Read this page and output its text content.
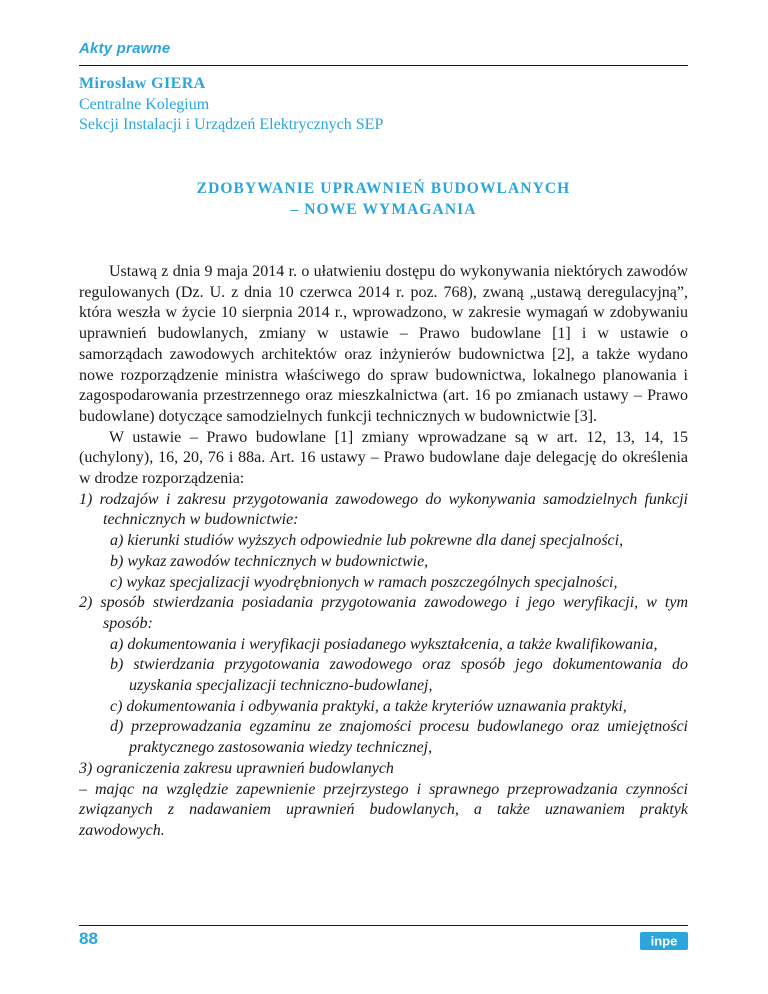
Akty prawne
Mirosław GIERA
Centralne Kolegium
Sekcji Instalacji i Urządzeń Elektrycznych SEP
ZDOBYWANIE UPRAWNIEŃ BUDOWLANYCH
– NOWE WYMAGANIA

Ustawą z dnia 9 maja 2014 r. o ułatwieniu dostępu do wykonywania niektórych zawodów regulowanych (Dz. U. z dnia 10 czerwca 2014 r. poz. 768), zwaną „ustawą deregulacyjną”, która weszła w życie 10 sierpnia 2014 r., wprowadzono, w zakresie wymagań w zdobywaniu uprawnień budowlanych, zmiany w ustawie – Prawo budowlane [1] i w ustawie o samorządach zawodowych architektów oraz inżynierów budownictwa [2], a także wydano nowe rozporządzenie ministra właściwego do spraw budownictwa, lokalnego planowania i zagospodarowania przestrzennego oraz mieszkalnictwa (art. 16 po zmianach ustawy – Prawo budowlane) dotyczące samodzielnych funkcji technicznych w budownictwie [3].

W ustawie – Prawo budowlane [1] zmiany wprowadzane są w art. 12, 13, 14, 15 (uchylony), 16, 20, 76 i 88a. Art. 16 ustawy – Prawo budowlane daje delegację do określenia w drodze rozporządzenia:

1) rodzajów i zakresu przygotowania zawodowego do wykonywania samodzielnych funkcji technicznych w budownictwie:
a) kierunki studiów wyższych odpowiednie lub pokrewne dla danej specjalności,
b) wykaz zawodów technicznych w budownictwie,
c) wykaz specjalizacji wyodrębnionych w ramach poszczególnych specjalności,
2) sposób stwierdzania posiadania przygotowania zawodowego i jego weryfikacji, w tym sposób:
a) dokumentowania i weryfikacji posiadanego wykształcenia, a także kwalifikowania,
b) stwierdzania przygotowania zawodowego oraz sposób jego dokumentowania do uzyskania specjalizacji techniczno-budowlanej,
c) dokumentowania i odbywania praktyki, a także kryteriów uznawania praktyki,
d) przeprowadzania egzaminu ze znajomości procesu budowlanego oraz umiejętności praktycznego zastosowania wiedzy technicznej,
3) ograniczenia zakresu uprawnień budowlanych
– mając na względzie zapewnienie przejrzystego i sprawnego przeprowadzania czynności związanych z nadawaniem uprawnień budowlanych, a także uznawaniem praktyk zawodowych.
88	inpe
